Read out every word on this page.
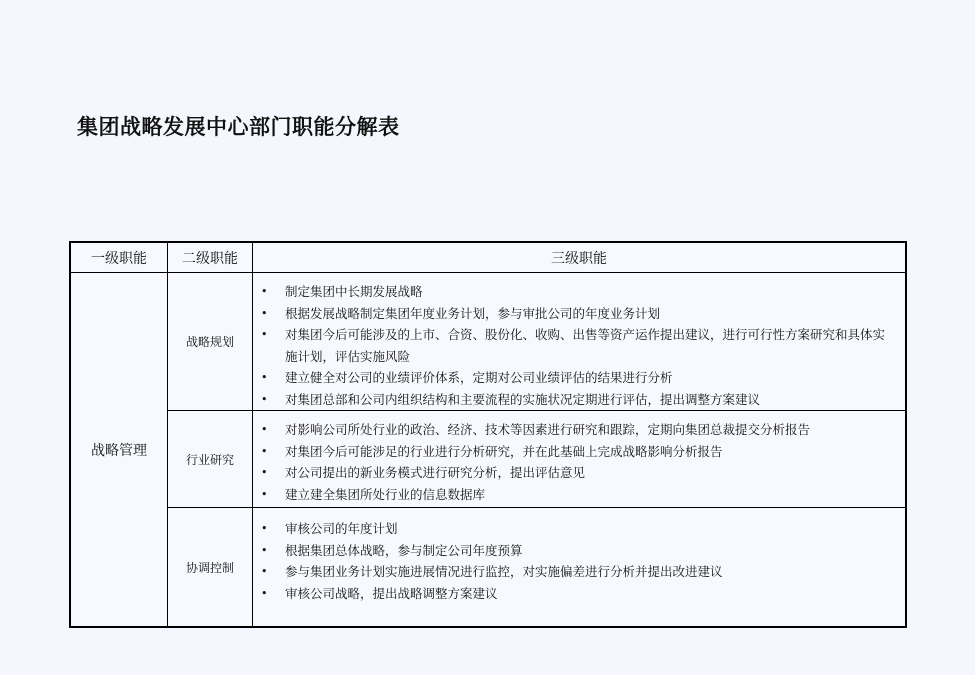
集团战略发展中心部门职能分解表
一级职能	二级职能	三级职能
战略管理
战略规划
• 制定集团中长期发展战略
• 根据发展战略制定集团年度业务计划，参与审批公司的年度业务计划
• 对集团今后可能涉及的上市、合资、股份化、收购、出售等资产运作提出建议，进行可行性方案研究和具体实施计划，评估实施风险
• 建立健全对公司的业绩评价体系，定期对公司业绩评估的结果进行分析
• 对集团总部和公司内组织结构和主要流程的实施状况定期进行评估，提出调整方案建议
行业研究
• 对影响公司所处行业的政治、经济、技术等因素进行研究和跟踪，定期向集团总裁提交分析报告
• 对集团今后可能涉足的行业进行分析研究，并在此基础上完成战略影响分析报告
• 对公司提出的新业务模式进行研究分析，提出评估意见
• 建立建全集团所处行业的信息数据库
协调控制
• 审核公司的年度计划
• 根据集团总体战略，参与制定公司年度预算
• 参与集团业务计划实施进展情况进行监控，对实施偏差进行分析并提出改进建议
• 审核公司战略，提出战略调整方案建议
